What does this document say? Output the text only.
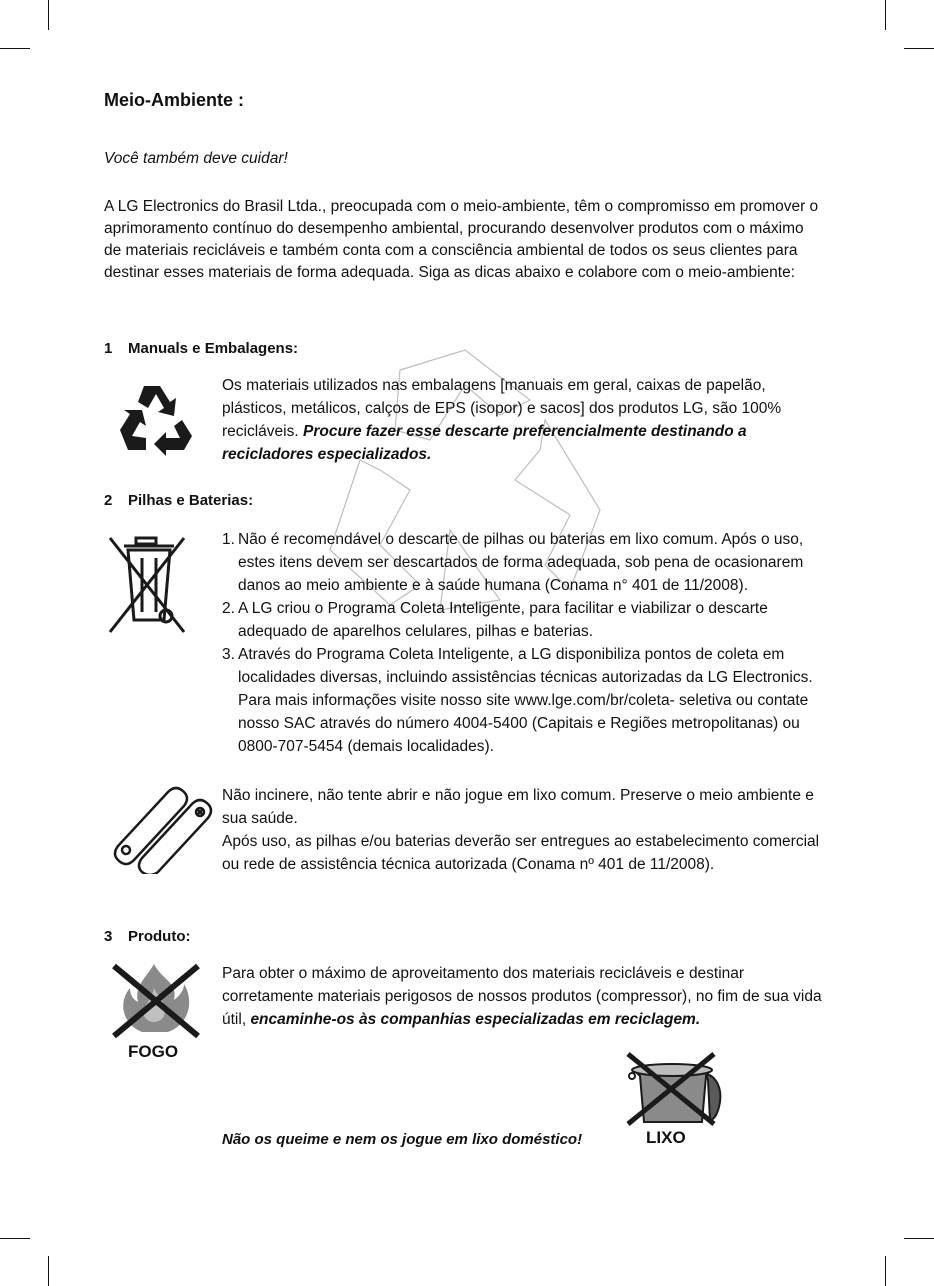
Meio-Ambiente :
Você também deve cuidar!
A LG Electronics do Brasil Ltda., preocupada com o meio-ambiente, têm o compromisso em promover o aprimoramento contínuo do desempenho ambiental, procurando desenvolver produtos com o máximo de materiais recicláveis e também conta com a consciência ambiental de todos os seus clientes para destinar esses materiais de forma adequada. Siga as dicas abaixo e colabore com o meio-ambiente:
1 Manuals e Embalagens:
Os materiais utilizados nas embalagens [manuais em geral, caixas de papelão, plásticos, metálicos, calços de EPS (isopor) e sacos] dos produtos LG, são 100% recicláveis. Procure fazer esse descarte preferencialmente destinando a recicladores especializados.
2 Pilhas e Baterias:
1. Não é recomendável o descarte de pilhas ou baterias em lixo comum. Após o uso, estes itens devem ser descartados de forma adequada, sob pena de ocasionarem danos ao meio ambiente e à saúde humana (Conama n° 401 de 11/2008).
2. A LG criou o Programa Coleta Inteligente, para facilitar e viabilizar o descarte adequado de aparelhos celulares, pilhas e baterias.
3. Através do Programa Coleta Inteligente, a LG disponibiliza pontos de coleta em localidades diversas, incluindo assistências técnicas autorizadas da LG Electronics. Para mais informações visite nosso site www.lge.com/br/coleta- seletiva ou contate nosso SAC através do número 4004-5400 (Capitais e Regiões metropolitanas) ou 0800-707-5454 (demais localidades).
Não incinere, não tente abrir e não jogue em lixo comum. Preserve o meio ambiente e sua saúde.
Após uso, as pilhas e/ou baterias deverão ser entregues ao estabelecimento comercial ou rede de assistência técnica autorizada (Conama nº 401 de 11/2008).
3 Produto:
FOGO
Para obter o máximo de aproveitamento dos materiais recicláveis e destinar corretamente materiais perigosos de nossos produtos (compressor), no fim de sua vida útil, encaminhe-os às companhias especializadas em reciclagem.
LIXO
Não os queime e nem os jogue em lixo doméstico!
